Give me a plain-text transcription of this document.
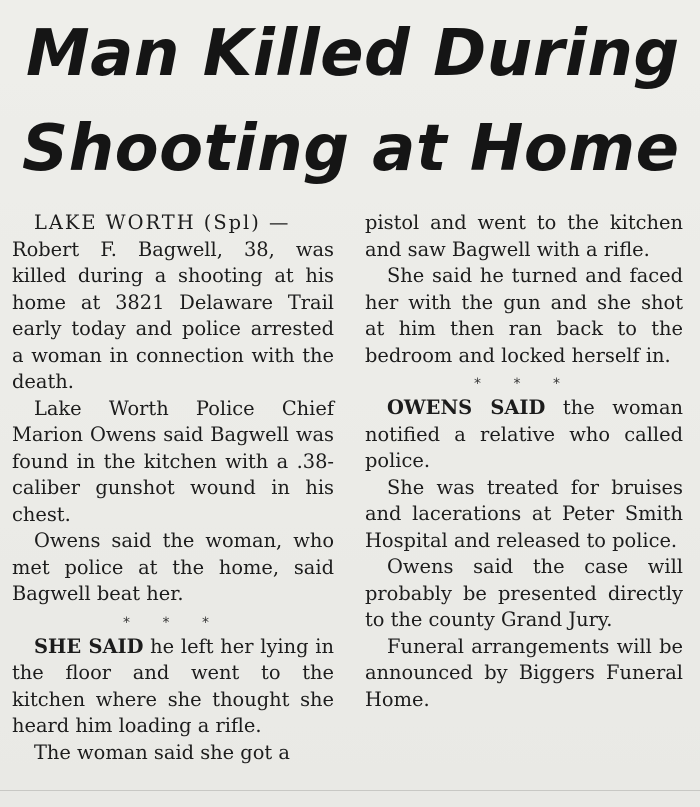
Man Killed During
Shooting at Home

LAKE WORTH (Spl) —

Robert F. Bagwell, 38, was killed during a shooting at his home at 3821 Delaware Trail early today and police arrested a woman in connection with the death.

Lake Worth Police Chief Marion Owens said Bagwell was found in the kitchen with a .38-caliber gunshot wound in his chest.

Owens said the woman, who met police at the home, said Bagwell beat her.

* * *

SHE SAID he left her lying in the floor and went to the kitchen where she thought she heard him loading a rifle.

The woman said she got a

pistol and went to the kitchen and saw Bagwell with a rifle.

She said he turned and faced her with the gun and she shot at him then ran back to the bedroom and locked herself in.

* * *

OWENS SAID the woman notified a relative who called police.

She was treated for bruises and lacerations at Peter Smith Hospital and released to police.

Owens said the case will probably be presented directly to the county Grand Jury.

Funeral arrangements will be announced by Biggers Funeral Home.
